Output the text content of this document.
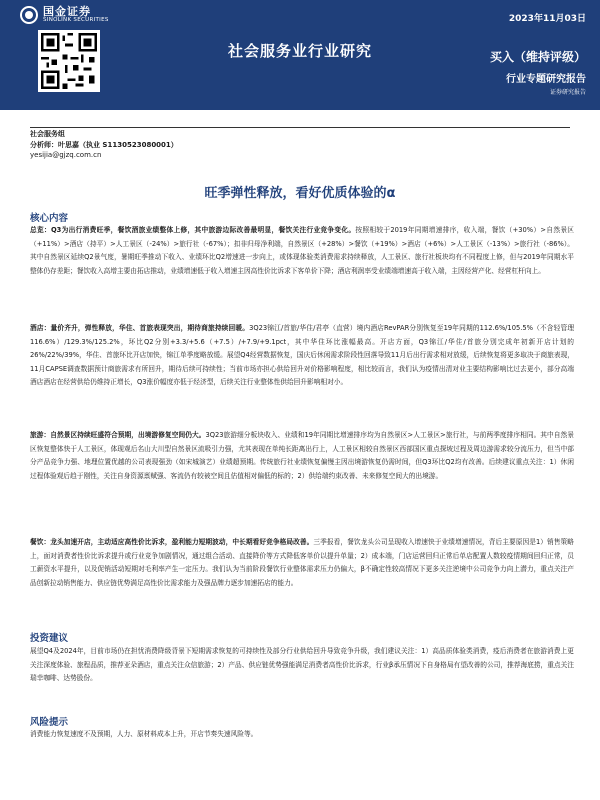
国金证券
SINOLINK SECURITIES	2023年11月03日
社会服务业行业研究	买入（维持评级）
行业专题研究报告
证券研究报告
社会服务组
分析师：叶思嘉（执业 S1130523080001）
yesijia@gjzq.com.cn
旺季弹性释放，看好优质体验的α
核心内容
总览：Q3为出行消费旺季，餐饮酒旅业绩整体上修，其中旅游边际改善最明显，餐饮关注行业竞争变化。按照相较于2019年同期增速排序，收入端，餐饮（+30%）>自然景区（+11%）>酒店（持平）>人工景区（-24%）>旅行社（-67%）；扣非归母净利端，自然景区（+28%）>餐饮（+19%）>酒店（+6%）>人工景区（-13%）>旅行社（-86%）。其中自然景区延续Q2景气度，暑期旺季推动下收入、业绩环比Q2增速进一步向上，或体现体验类消费需求持续释放，人工景区、旅行社板块均有不同程度上修，但与2019年同期水平整体仍存差距；餐饮收入高增主要由拓店推动，业绩增速低于收入增速主因高性价比诉求下客单价下降；酒店利润率受业绩端增速高于收入端，主因经营产化、经营杠杆向上。
酒店：量价齐升，弹性释放，华住、首旅表现突出，期待商旅持续回暖。3Q23锦江/首旅/华住/君亭（直营）境内酒店RevPAR分别恢复至19年同期的112.6%/105.5%（不含轻管理116.6%）/129.3%/125.2%，环比Q2分别+3.3/+5.6（+7.5）/+7.9/+9.1pct，其中华住环比涨幅最高。开店方面，Q3锦江/华住/首旅分别完成年初新开店计划的26%/22%/39%，华住、首旅环比开店加快，锦江单季度略放缓。展望Q4经营数据恢复，国庆后休闲需求阶段性回落导致11月后出行需求相对放缓，后续恢复将更多取决于商旅表现，11月CAPSE调查数据预计商旅需求有所回升，期待后续可持续性；当前市场亦担心供给回升对价格影响程度，相比较而言，我们认为疫情出清对业主要结构影响比过去更小，部分高端酒店酒店在经营供给仍维持正增长，Q3涨价幅度亦低于经济型，后续关注行业整体性供给回升影响相对小。
旅游：自然景区持续旺盛符合预期，出境游修复空间仍大。3Q23旅游细分板块收入、业绩和19年同期比增速排序均为自然景区>人工景区>旅行社，与前两季度排序相同。其中自然景区恢复整体快于人工景区，体现观后名山大川型自然景区流吸引力强，尤其表现在单纯长距离出行上，人工景区相较自然景区西部国区重点探坡过程及周边游需求较分流压力，但当中部分产品竞争力强、地理位置优越的公司表现强劲（如宋城演艺）业绩超预期。传统旅行社业绩恢复偏慢主因出境游恢复仍需时间，但Q3环比Q2均有改善。后续建议重点关注：1）休闲过程体验观后趋于刚性，关注自身资源禀赋强、客流仍有较被空间且估值相对偏低的标的；2）供给端约束改善、未来修复空间大的出境游。
餐饮：龙头加速开店，主动适应高性价比诉求，盈利能力短期波动，中长期看好竞争格局改善。三季报看，餐饮龙头公司呈现收入增速快于业绩增速情况，背后主要原因是1）销售策略上，面对消费者性价比诉求提升或行业竞争加剧情况，通过组合活动、直接降价等方式降低客单价以提升单量；2）成本端，门店运营回归正常后单店配置人数较疫情期间回归正常，员工薪资水平提升，以及促销活动短期对毛利率产生一定压力。我们认为当前阶段餐饮行业整体需求压力仍偏大，β不确定性较高情况下更多关注逆境中公司竞争力向上潜力，重点关注产品创新拉动销售能力、供应链优势满足高性价比需求能力及强品牌力逐步加速拓店的能力。
投资建议
展望Q4及2024年，目前市场仍在担忧消费降级背景下短期需求恢复的可持续性及部分行业供给回升导致竞争升级，我们建议关注：1）高品质体验类消费，疫后消费者在旅游消费上更关注深度体验、旅程品质，推荐亚朵酒店，重点关注众信旅游；2）产品、供应链优势强能满足消费者高性价比诉求，行业β承压情况下自身格局有望改善的公司，推荐海底捞，重点关注瑞幸咖啡、达势股份。
风险提示
消费能力恢复速度不及预期，人力、原材料成本上升，开店节奏失速风险等。
